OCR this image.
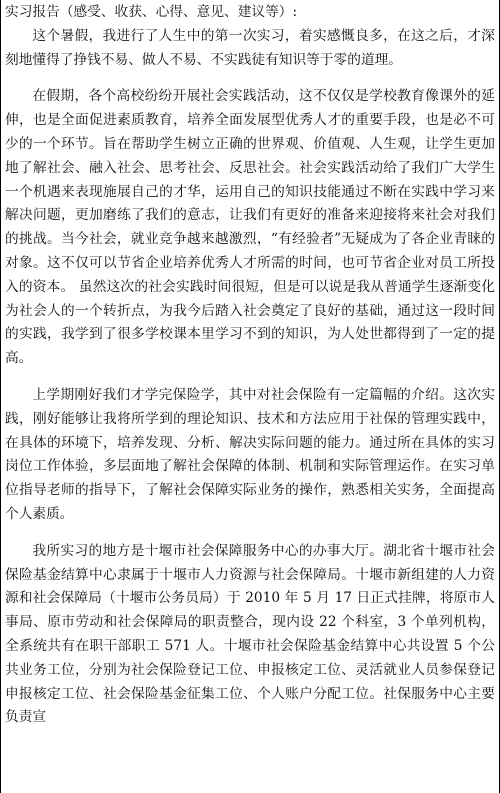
实习报告（感受、收获、心得、意见、建议等）:

这个暑假，我进行了人生中的第一次实习，着实感慨良多，在这之后，才深刻地懂得了挣钱不易、做人不易、不实践徒有知识等于零的道理。

在假期，各个高校纷纷开展社会实践活动，这不仅仅是学校教育像课外的延伸，也是全面促进素质教育，培养全面发展型优秀人才的重要手段，也是必不可少的一个环节。旨在帮助学生树立正确的世界观、价值观、人生观，让学生更加地了解社会、融入社会、思考社会、反思社会。社会实践活动给了我们广大学生一个机遇来表现施展自己的才华，运用自己的知识技能通过不断在实践中学习来解决问题，更加磨练了我们的意志，让我们有更好的准备来迎接将来社会对我们的挑战。当今社会，就业竞争越来越激烈，“有经验者”无疑成为了各企业青睐的对象。这不仅可以节省企业培养优秀人才所需的时间，也可节省企业对员工所投入的资本。 虽然这次的社会实践时间很短，但是可以说是我从普通学生逐渐变化为社会人的一个转折点，为我今后踏入社会奠定了良好的基础，通过这一段时间的实践，我学到了很多学校课本里学习不到的知识，为人处世都得到了一定的提高。

上学期刚好我们才学完保险学，其中对社会保险有一定篇幅的介绍。这次实践，刚好能够让我将所学到的理论知识、技术和方法应用于社保的管理实践中，在具体的环境下，培养发现、分析、解决实际问题的能力。通过所在具体的实习岗位工作体验，多层面地了解社会保障的体制、机制和实际管理运作。在实习单位指导老师的指导下，了解社会保障实际业务的操作，熟悉相关实务，全面提高个人素质。

我所实习的地方是十堰市社会保障服务中心的办事大厅。湖北省十堰市社会保险基金结算中心隶属于十堰市人力资源与社会保障局。十堰市新组建的人力资源和社会保障局（十堰市公务员局）于 2010 年 5 月 17 日正式挂牌，将原市人事局、原市劳动和社会保障局的职责整合，现内设 22 个科室，3 个单列机构，全系统共有在职干部职工 571 人。十堰市社会保险基金结算中心共设置 5 个公共业务工位，分别为社会保险登记工位、申报核定工位、灵活就业人员参保登记申报核定工位、社会保险基金征集工位、个人账户分配工位。社保服务中心主要负责宣
